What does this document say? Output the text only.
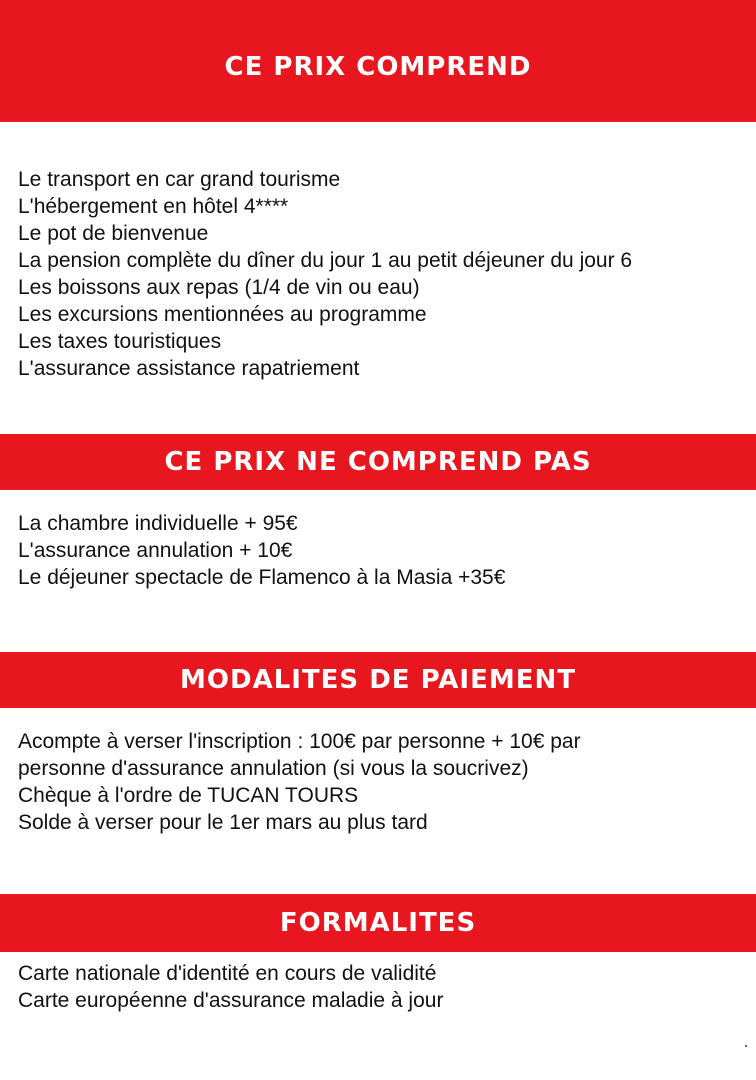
CE PRIX COMPREND
Le transport en car grand tourisme
L'hébergement en hôtel 4****
Le pot de bienvenue
La pension complète du dîner du jour 1 au petit déjeuner du jour 6
Les boissons aux repas (1/4 de vin ou eau)
Les excursions mentionnées au programme
Les taxes touristiques
L'assurance assistance rapatriement
CE PRIX NE COMPREND PAS
La chambre individuelle + 95€
L'assurance annulation + 10€
Le déjeuner spectacle de Flamenco à la Masia +35€
MODALITES DE PAIEMENT
Acompte à verser l'inscription : 100€ par personne + 10€ par
personne d'assurance annulation (si vous la soucrivez)
Chèque à l'ordre de TUCAN TOURS
Solde à verser pour le 1er mars au plus tard
FORMALITES
Carte nationale d'identité en cours de validité
Carte européenne d'assurance maladie à jour
